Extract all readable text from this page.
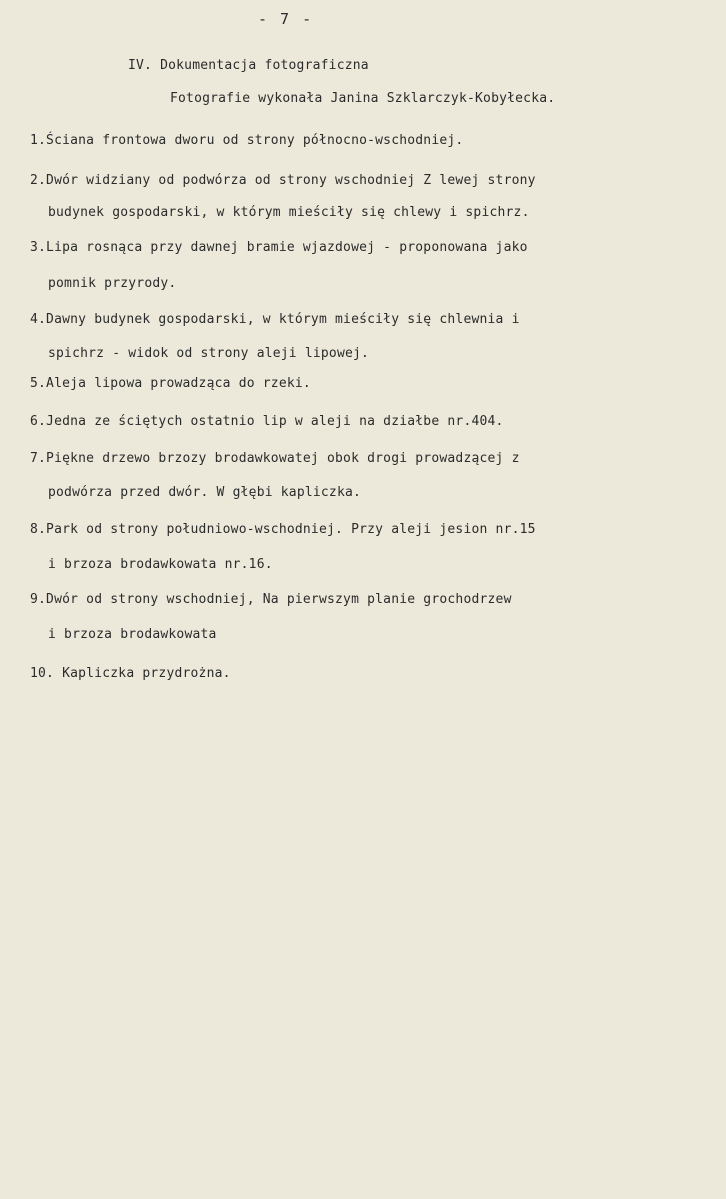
- 7 -
IV. Dokumentacja fotograficzna
Fotografie wykonała Janina Szklarczyk-Kobyłecka.
1.Ściana frontowa dworu od strony północno-wschodniej.
2.Dwór widziany od podwórza od strony wschodniej Z lewej strony
budynek gospodarski, w którym mieściły się chlewy i spichrz.
3.Lipa rosnąca przy dawnej bramie wjazdowej - proponowana jako
pomnik przyrody.
4.Dawny budynek gospodarski, w którym mieściły się chlewnia i
spichrz - widok od strony aleji lipowej.
5.Aleja lipowa prowadząca do rzeki.
6.Jedna ze ściętych ostatnio lip w aleji na działbe nr.404.
7.Piękne drzewo brzozy brodawkowatej obok drogi prowadzącej z
podwórza przed dwór. W głębi kapliczka.
8.Park od strony południowo-wschodniej. Przy aleji jesion nr.15
i brzoza brodawkowata nr.16.
9.Dwór od strony wschodniej, Na pierwszym planie grochodrzew
i brzoza brodawkowata
10. Kapliczka przydrożna.
